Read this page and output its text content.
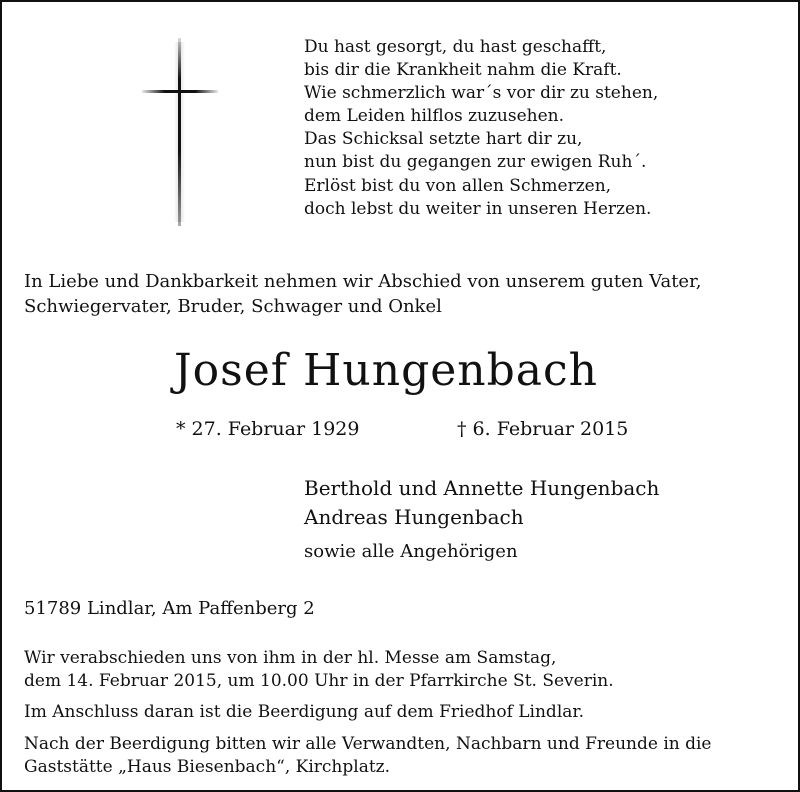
Du hast gesorgt, du hast geschafft,
bis dir die Krankheit nahm die Kraft.
Wie schmerzlich war´s vor dir zu stehen,
dem Leiden hilflos zuzusehen.
Das Schicksal setzte hart dir zu,
nun bist du gegangen zur ewigen Ruh´.
Erlöst bist du von allen Schmerzen,
doch lebst du weiter in unseren Herzen.
In Liebe und Dankbarkeit nehmen wir Abschied von unserem guten Vater,
Schwiegervater, Bruder, Schwager und Onkel
Josef Hungenbach
* 27. Februar 1929	† 6. Februar 2015
Berthold und Annette Hungenbach
Andreas Hungenbach
sowie alle Angehörigen
51789 Lindlar, Am Paffenberg 2
Wir verabschieden uns von ihm in der hl. Messe am Samstag,
dem 14. Februar 2015, um 10.00 Uhr in der Pfarrkirche St. Severin.
Im Anschluss daran ist die Beerdigung auf dem Friedhof Lindlar.
Nach der Beerdigung bitten wir alle Verwandten, Nachbarn und Freunde in die
Gaststätte „Haus Biesenbach“, Kirchplatz.
